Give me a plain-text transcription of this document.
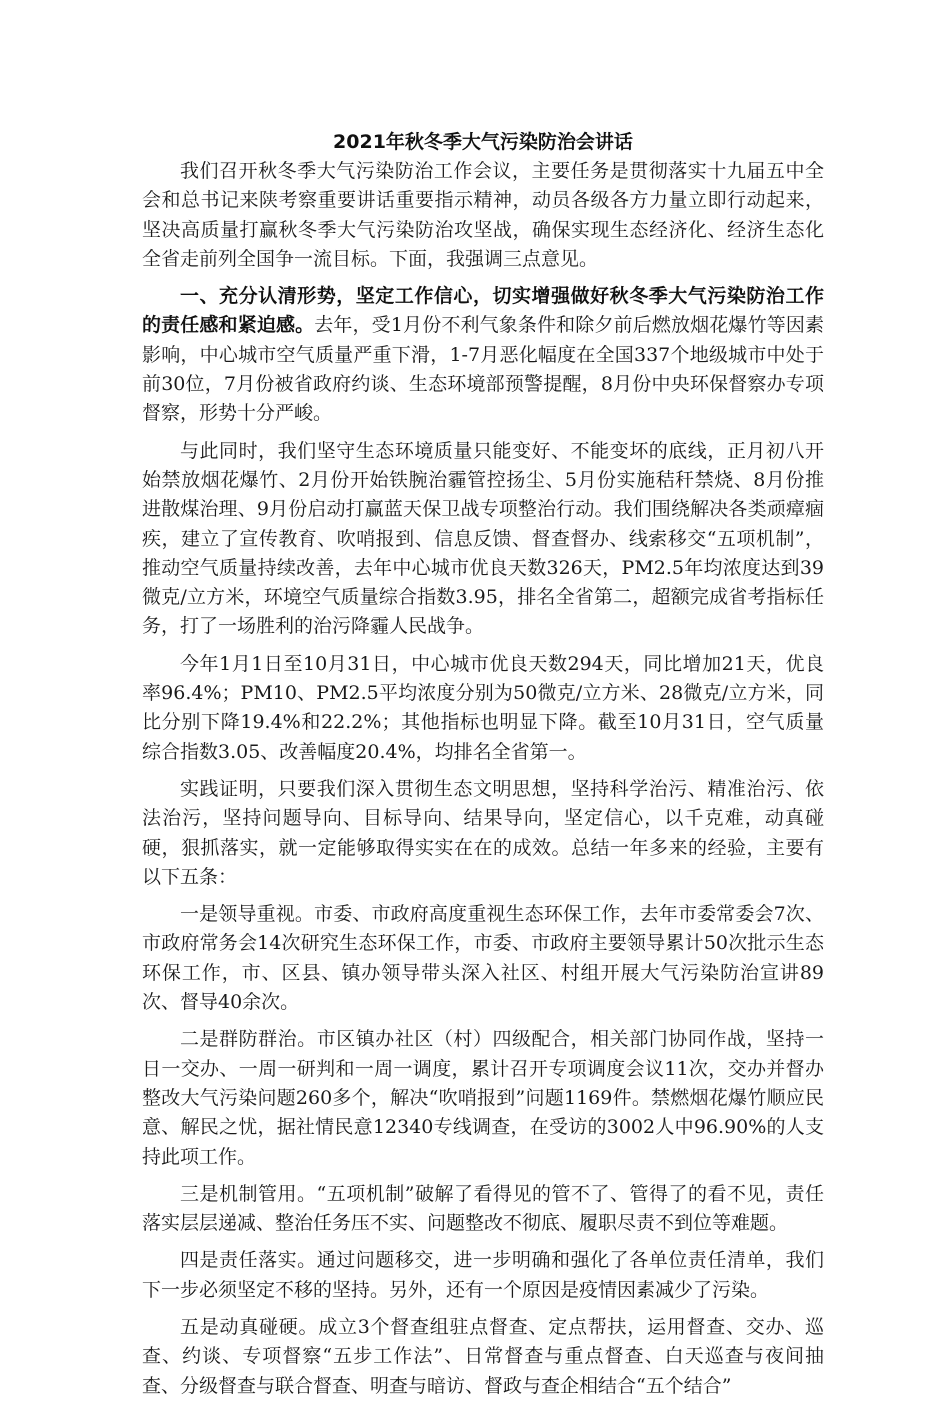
2021年秋冬季大气污染防治会讲话

我们召开秋冬季大气污染防治工作会议，主要任务是贯彻落实十九届五中全会和总书记来陕考察重要讲话重要指示精神，动员各级各方力量立即行动起来，坚决高质量打赢秋冬季大气污染防治攻坚战，确保实现生态经济化、经济生态化全省走前列全国争一流目标。下面，我强调三点意见。

一、充分认清形势，坚定工作信心，切实增强做好秋冬季大气污染防治工作的责任感和紧迫感。去年，受1月份不利气象条件和除夕前后燃放烟花爆竹等因素影响，中心城市空气质量严重下滑，1-7月恶化幅度在全国337个地级城市中处于前30位，7月份被省政府约谈、生态环境部预警提醒，8月份中央环保督察办专项督察，形势十分严峻。

与此同时，我们坚守生态环境质量只能变好、不能变坏的底线，正月初八开始禁放烟花爆竹、2月份开始铁腕治霾管控扬尘、5月份实施秸秆禁烧、8月份推进散煤治理、9月份启动打赢蓝天保卫战专项整治行动。我们围绕解决各类顽瘴痼疾，建立了宣传教育、吹哨报到、信息反馈、督查督办、线索移交“五项机制”，推动空气质量持续改善，去年中心城市优良天数326天，PM2.5年均浓度达到39微克/立方米，环境空气质量综合指数3.95，排名全省第二，超额完成省考指标任务，打了一场胜利的治污降霾人民战争。

今年1月1日至10月31日，中心城市优良天数294天，同比增加21天，优良率96.4%；PM10、PM2.5平均浓度分别为50微克/立方米、28微克/立方米，同比分别下降19.4%和22.2%；其他指标也明显下降。截至10月31日，空气质量综合指数3.05、改善幅度20.4%，均排名全省第一。

实践证明，只要我们深入贯彻生态文明思想，坚持科学治污、精准治污、依法治污，坚持问题导向、目标导向、结果导向，坚定信心，以千克难，动真碰硬，狠抓落实，就一定能够取得实实在在的成效。总结一年多来的经验，主要有以下五条：

一是领导重视。市委、市政府高度重视生态环保工作，去年市委常委会7次、市政府常务会14次研究生态环保工作，市委、市政府主要领导累计50次批示生态环保工作，市、区县、镇办领导带头深入社区、村组开展大气污染防治宣讲89次、督导40余次。

二是群防群治。市区镇办社区（村）四级配合，相关部门协同作战，坚持一日一交办、一周一研判和一周一调度，累计召开专项调度会议11次，交办并督办整改大气污染问题260多个，解决“吹哨报到”问题1169件。禁燃烟花爆竹顺应民意、解民之忧，据社情民意12340专线调查，在受访的3002人中96.90%的人支持此项工作。

三是机制管用。“五项机制”破解了看得见的管不了、管得了的看不见，责任落实层层递减、整治任务压不实、问题整改不彻底、履职尽责不到位等难题。

四是责任落实。通过问题移交，进一步明确和强化了各单位责任清单，我们下一步必须坚定不移的坚持。另外，还有一个原因是疫情因素减少了污染。

五是动真碰硬。成立3个督查组驻点督查、定点帮扶，运用督查、交办、巡查、约谈、专项督察“五步工作法”、日常督查与重点督查、白天巡查与夜间抽查、分级督查与联合督查、明查与暗访、督政与查企相结合“五个结合”
